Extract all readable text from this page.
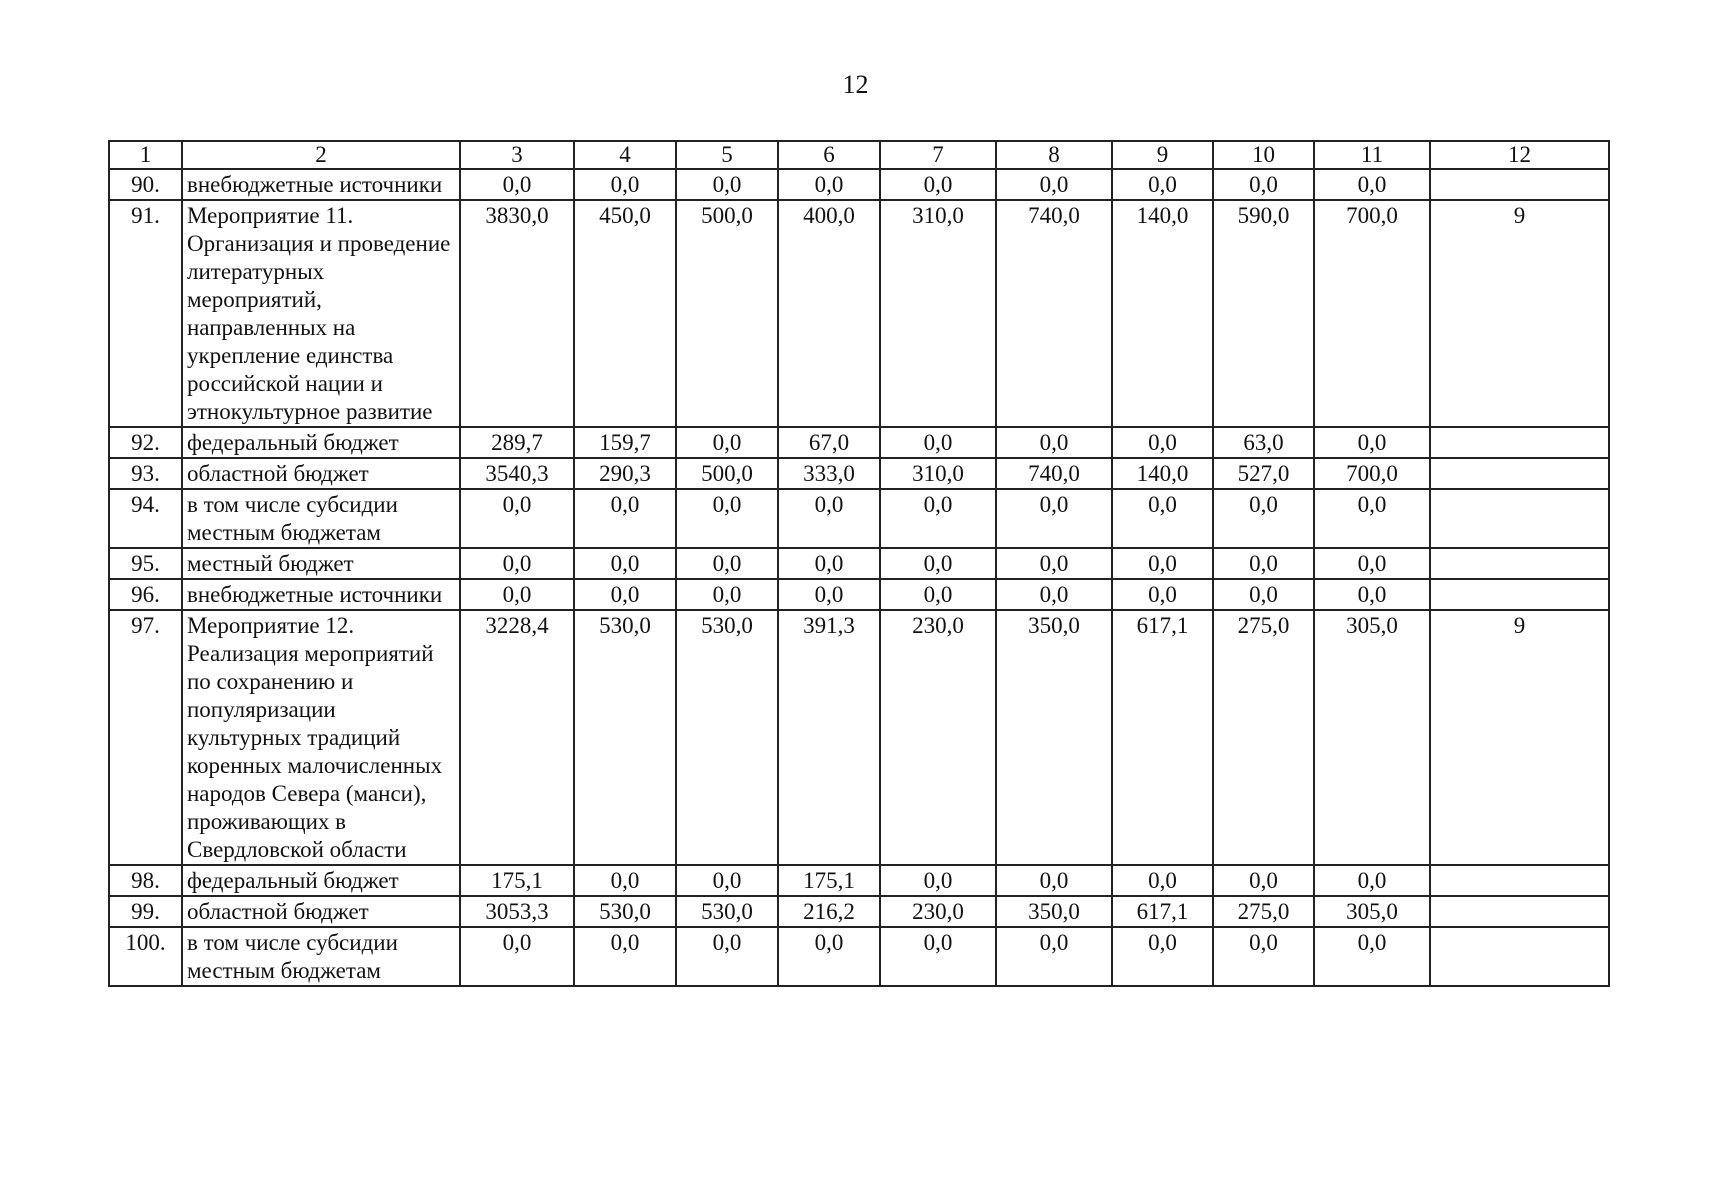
12
1	2	3	4	5	6	7	8	9	10	11	12
90.	внебюджетные источники	0,0	0,0	0,0	0,0	0,0	0,0	0,0	0,0	0,0	
91.	Мероприятие 11. Организация и проведение литературных мероприятий, направленных на укрепление единства российской нации и этнокультурное развитие	3830,0	450,0	500,0	400,0	310,0	740,0	140,0	590,0	700,0	9
92.	федеральный бюджет	289,7	159,7	0,0	67,0	0,0	0,0	0,0	63,0	0,0	
93.	областной бюджет	3540,3	290,3	500,0	333,0	310,0	740,0	140,0	527,0	700,0	
94.	в том числе субсидии местным бюджетам	0,0	0,0	0,0	0,0	0,0	0,0	0,0	0,0	0,0	
95.	местный бюджет	0,0	0,0	0,0	0,0	0,0	0,0	0,0	0,0	0,0	
96.	внебюджетные источники	0,0	0,0	0,0	0,0	0,0	0,0	0,0	0,0	0,0	
97.	Мероприятие 12. Реализация мероприятий по сохранению и популяризации культурных традиций коренных малочисленных народов Севера (манси), проживающих в Свердловской области	3228,4	530,0	530,0	391,3	230,0	350,0	617,1	275,0	305,0	9
98.	федеральный бюджет	175,1	0,0	0,0	175,1	0,0	0,0	0,0	0,0	0,0	
99.	областной бюджет	3053,3	530,0	530,0	216,2	230,0	350,0	617,1	275,0	305,0	
100.	в том числе субсидии местным бюджетам	0,0	0,0	0,0	0,0	0,0	0,0	0,0	0,0	0,0	
